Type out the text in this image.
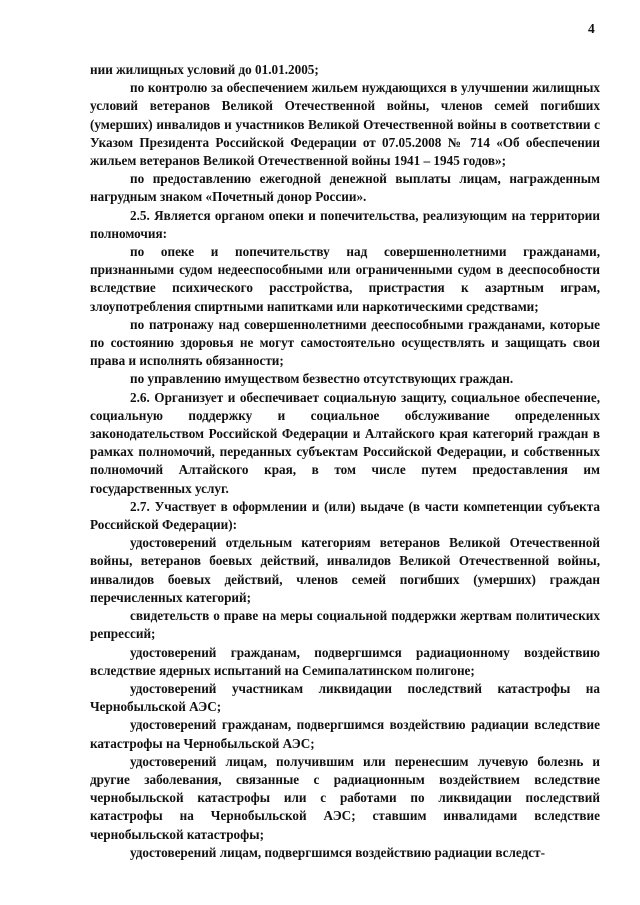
4

нии жилищных условий до 01.01.2005;

по контролю за обеспечением жильем нуждающихся в улучшении жилищных условий ветеранов Великой Отечественной войны, членов семей погибших (умерших) инвалидов и участников Великой Отечественной войны в соответствии с Указом Президента Российской Федерации от 07.05.2008 № 714 «Об обеспечении жильем ветеранов Великой Отечественной войны 1941 – 1945 годов»;

по предоставлению ежегодной денежной выплаты лицам, награжденным нагрудным знаком «Почетный донор России».

2.5. Является органом опеки и попечительства, реализующим на территории полномочия:

по опеке и попечительству над совершеннолетними гражданами, признанными судом недееспособными или ограниченными судом в дееспособности вследствие психического расстройства, пристрастия к азартным играм, злоупотребления спиртными напитками или наркотическими средствами;

по патронажу над совершеннолетними дееспособными гражданами, которые по состоянию здоровья не могут самостоятельно осуществлять и защищать свои права и исполнять обязанности;

по управлению имуществом безвестно отсутствующих граждан.

2.6. Организует и обеспечивает социальную защиту, социальное обеспечение, социальную поддержку и социальное обслуживание определенных законодательством Российской Федерации и Алтайского края категорий граждан в рамках полномочий, переданных субъектам Российской Федерации, и собственных полномочий Алтайского края, в том числе путем предоставления им государственных услуг.

2.7. Участвует в оформлении и (или) выдаче (в части компетенции субъекта Российской Федерации):

удостоверений отдельным категориям ветеранов Великой Отечественной войны, ветеранов боевых действий, инвалидов Великой Отечественной войны, инвалидов боевых действий, членов семей погибших (умерших) граждан перечисленных категорий;

свидетельств о праве на меры социальной поддержки жертвам политических репрессий;

удостоверений гражданам, подвергшимся радиационному воздействию вследствие ядерных испытаний на Семипалатинском полигоне;

удостоверений участникам ликвидации последствий катастрофы на Чернобыльской АЭС;

удостоверений гражданам, подвергшимся воздействию радиации вследствие катастрофы на Чернобыльской АЭС;

удостоверений лицам, получившим или перенесшим лучевую болезнь и другие заболевания, связанные с радиационным воздействием вследствие чернобыльской катастрофы или с работами по ликвидации последствий катастрофы на Чернобыльской АЭС; ставшим инвалидами вследствие чернобыльской катастрофы;

удостоверений лицам, подвергшимся воздействию радиации вследст-
